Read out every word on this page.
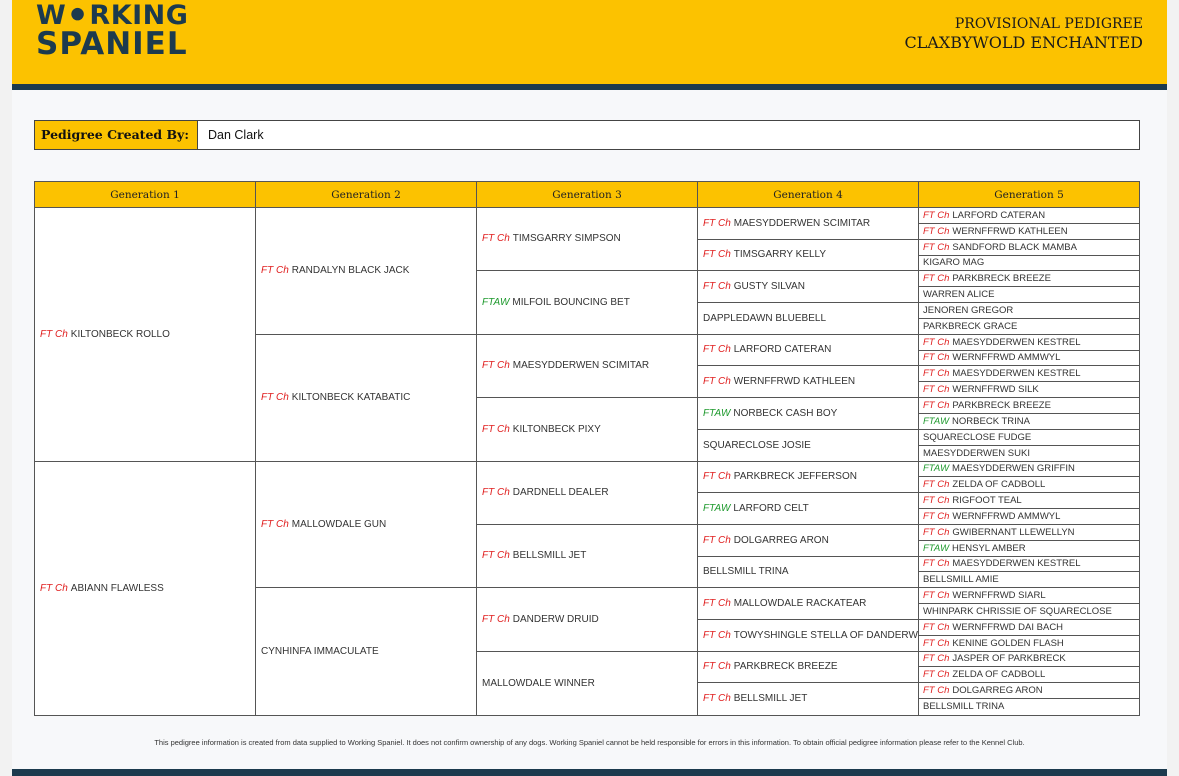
W⚫RKING
SPANIEL
PROVISIONAL PEDIGREE
CLAXBYWOLD ENCHANTED
Pedigree Created By:	Dan Clark
Generation 1
FT Ch KILTONBECK ROLLO
FT Ch ABIANN FLAWLESS
Generation 2
FT Ch RANDALYN BLACK JACK
FT Ch KILTONBECK KATABATIC
FT Ch MALLOWDALE GUN
CYNHINFA IMMACULATE
Generation 3
FT Ch TIMSGARRY SIMPSON
FTAW MILFOIL BOUNCING BET
FT Ch MAESYDDERWEN SCIMITAR
FT Ch KILTONBECK PIXY
FT Ch DARDNELL DEALER
FT Ch BELLSMILL JET
FT Ch DANDERW DRUID
MALLOWDALE WINNER
Generation 4
FT Ch MAESYDDERWEN SCIMITAR
FT Ch TIMSGARRY KELLY
FT Ch GUSTY SILVAN
DAPPLEDAWN BLUEBELL
FT Ch LARFORD CATERAN
FT Ch WERNFFRWD KATHLEEN
FTAW NORBECK CASH BOY
SQUARECLOSE JOSIE
FT Ch PARKBRECK JEFFERSON
FTAW LARFORD CELT
FT Ch DOLGARREG ARON
BELLSMILL TRINA
FT Ch MALLOWDALE RACKATEAR
FT Ch TOWYSHINGLE STELLA OF DANDERW
FT Ch PARKBRECK BREEZE
FT Ch BELLSMILL JET
Generation 5
FT Ch LARFORD CATERAN
FT Ch WERNFFRWD KATHLEEN
FT Ch SANDFORD BLACK MAMBA
KIGARO MAG
FT Ch PARKBRECK BREEZE
WARREN ALICE
JENOREN GREGOR
PARKBRECK GRACE
FT Ch MAESYDDERWEN KESTREL
FT Ch WERNFFRWD AMMWYL
FT Ch MAESYDDERWEN KESTREL
FT Ch WERNFFRWD SILK
FT Ch PARKBRECK BREEZE
FTAW NORBECK TRINA
SQUARECLOSE FUDGE
MAESYDDERWEN SUKI
FTAW MAESYDDERWEN GRIFFIN
FT Ch ZELDA OF CADBOLL
FT Ch RIGFOOT TEAL
FT Ch WERNFFRWD AMMWYL
FT Ch GWIBERNANT LLEWELLYN
FTAW HENSYL AMBER
FT Ch MAESYDDERWEN KESTREL
BELLSMILL AMIE
FT Ch WERNFFRWD SIARL
WHINPARK CHRISSIE OF SQUARECLOSE
FT Ch WERNFFRWD DAI BACH
FT Ch KENINE GOLDEN FLASH
FT Ch JASPER OF PARKBRECK
FT Ch ZELDA OF CADBOLL
FT Ch DOLGARREG ARON
BELLSMILL TRINA
This pedigree information is created from data supplied to Working Spaniel. It does not confirm ownership of any dogs. Working Spaniel cannot be held responsible for errors in this information. To obtain official pedigree information please refer to the Kennel Club.
